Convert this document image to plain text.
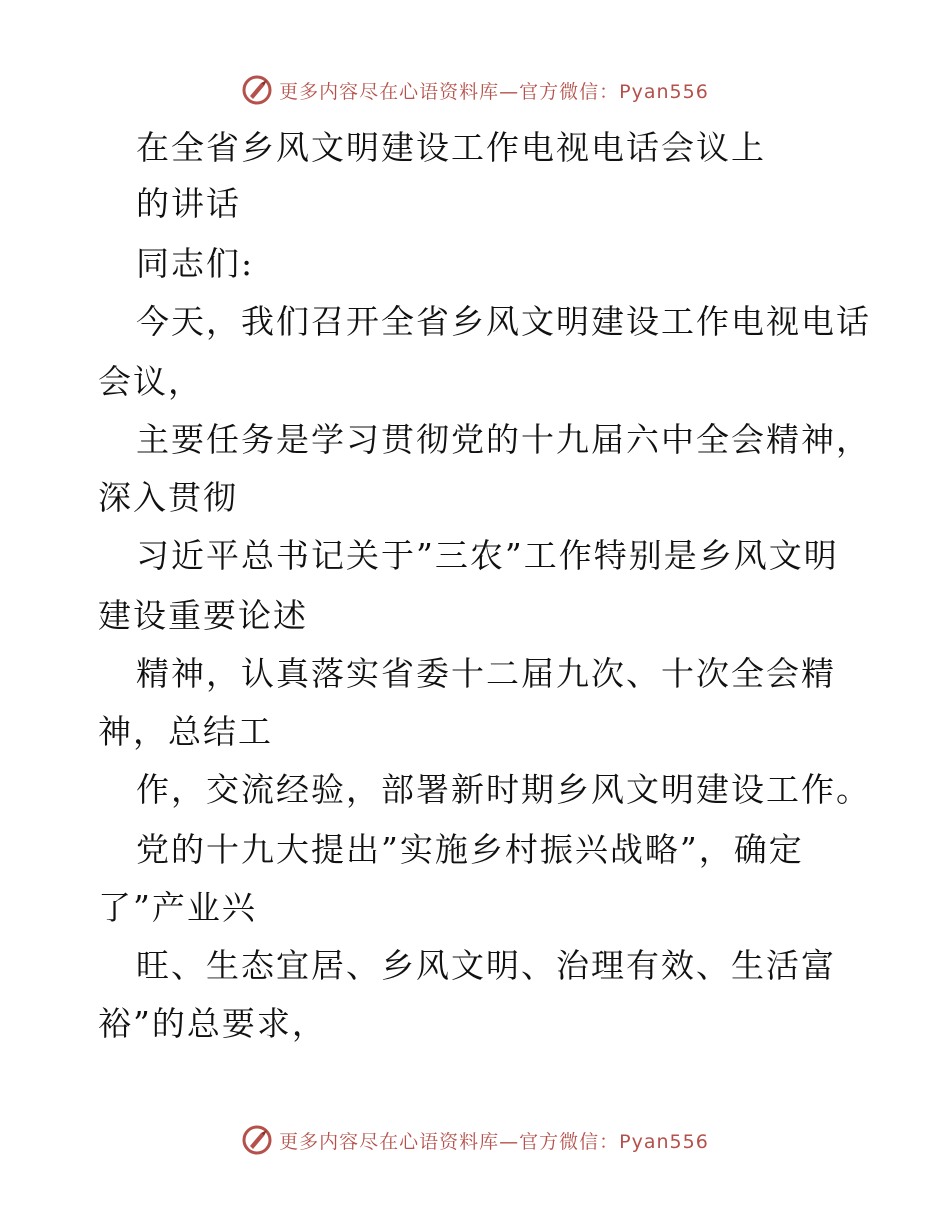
更多内容尽在心语资料库—官方微信：Pyan556
在全省乡风文明建设工作电视电话会议上
的讲话
同志们:
今天，我们召开全省乡风文明建设工作电视电话
会议，
主要任务是学习贯彻党的十九届六中全会精神，
深入贯彻
习近平总书记关于”三农”工作特别是乡风文明
建设重要论述
精神，认真落实省委十二届九次、十次全会精
神，总结工
作，交流经验，部署新时期乡风文明建设工作。
党的十九大提出”实施乡村振兴战略”，确定
了”产业兴
旺、生态宜居、乡风文明、治理有效、生活富
裕”的总要求，
更多内容尽在心语资料库—官方微信：Pyan556
